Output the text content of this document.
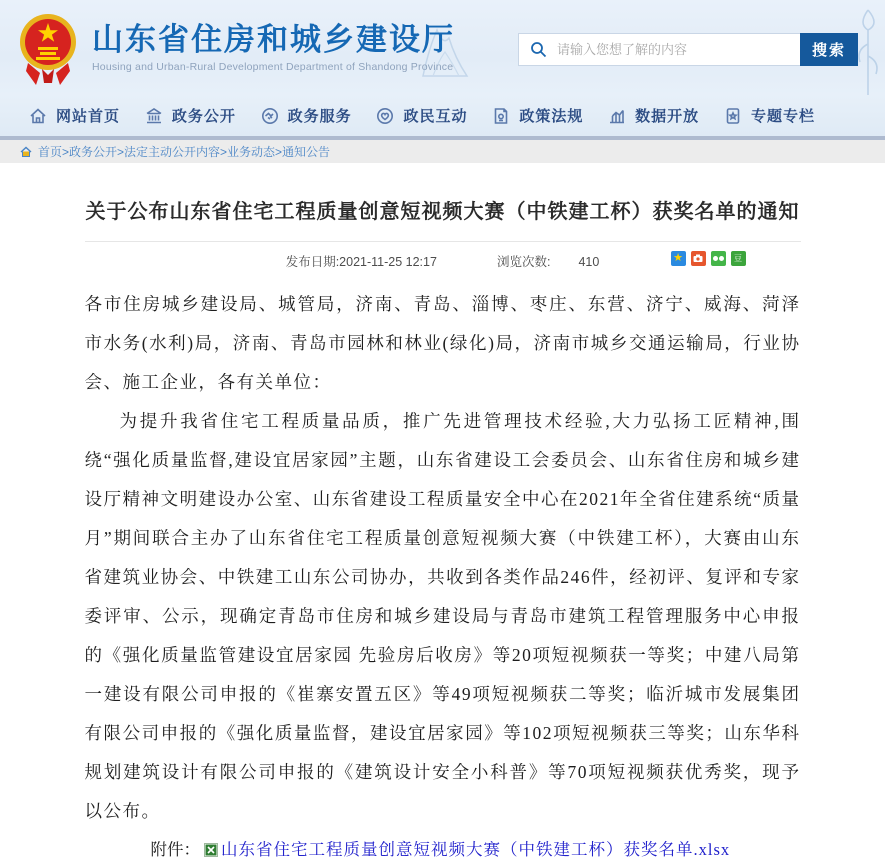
山东省住房和城乡建设厅
Housing and Urban-Rural Development Department of Shandong Province
请输入您想了解的内容
搜索
网站首页	政务公开	政务服务	政民互动	政策法规	数据开放	专题专栏
首页>政务公开>法定主动公开内容>业务动态>通知公告
关于公布山东省住宅工程质量创意短视频大赛（中铁建工杯）获奖名单的通知
发布日期:2021-11-25 12:17	浏览次数: 410	★	豆

各市住房城乡建设局、城管局，济南、青岛、淄博、枣庄、东营、济宁、威海、菏泽市水务(水利)局，济南、青岛市园林和林业(绿化)局，济南市城乡交通运输局，行业协会、施工企业，各有关单位：

为提升我省住宅工程质量品质，推广先进管理技术经验,大力弘扬工匠精神,围绕“强化质量监督,建设宜居家园”主题，山东省建设工会委员会、山东省住房和城乡建设厅精神文明建设办公室、山东省建设工程质量安全中心在2021年全省住建系统“质量月”期间联合主办了山东省住宅工程质量创意短视频大赛（中铁建工杯），大赛由山东省建筑业协会、中铁建工山东公司协办，共收到各类作品246件，经初评、复评和专家委评审、公示，现确定青岛市住房和城乡建设局与青岛市建筑工程管理服务中心申报的《强化质量监管建设宜居家园 先验房后收房》等20项短视频获一等奖；中建八局第一建设有限公司申报的《崔寨安置五区》等49项短视频获二等奖；临沂城市发展集团有限公司申报的《强化质量监督，建设宜居家园》等102项短视频获三等奖；山东华科规划建筑设计有限公司申报的《建筑设计安全小科普》等70项短视频获优秀奖，现予以公布。

附件： 山东省住宅工程质量创意短视频大赛（中铁建工杯）获奖名单.xlsx
